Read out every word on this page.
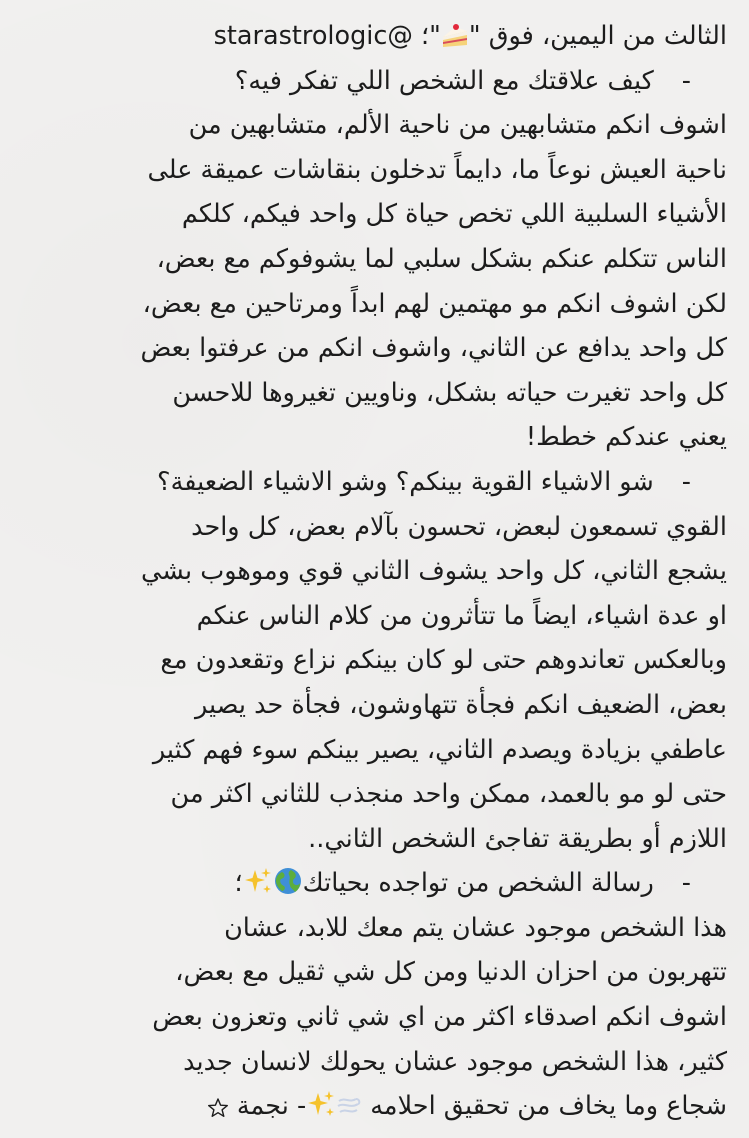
الثالث من اليمين، فوق "
"؛ @starastrologic
-كيف علاقتك مع الشخص اللي تفكر فيه؟
اشوف انكم متشابهين من ناحية الألم، متشابهين من
ناحية العيش نوعاً ما، دايماً تدخلون بنقاشات عميقة على
الأشياء السلبية اللي تخص حياة كل واحد فيكم، كلكم
الناس تتكلم عنكم بشكل سلبي لما يشوفوكم مع بعض،
لكن اشوف انكم مو مهتمين لهم ابداً ومرتاحين مع بعض،
كل واحد يدافع عن الثاني، واشوف انكم من عرفتوا بعض
كل واحد تغيرت حياته بشكل، وناويين تغيروها للاحسن
يعني عندكم خطط!
-شو الاشياء القوية بينكم؟ وشو الاشياء الضعيفة؟
القوي تسمعون لبعض، تحسون بآلام بعض، كل واحد
يشجع الثاني، كل واحد يشوف الثاني قوي وموهوب بشي
او عدة اشياء، ايضاً ما تتأثرون من كلام الناس عنكم
وبالعكس تعاندوهم حتى لو كان بينكم نزاع وتقعدون مع
بعض، الضعيف انكم فجأة تتهاوشون، فجأة حد يصير
عاطفي بزيادة ويصدم الثاني، يصير بينكم سوء فهم كثير
حتى لو مو بالعمد، ممكن واحد منجذب للثاني اكثر من
اللازم أو بطريقة تفاجئ الشخص الثاني..
-رسالة الشخص من تواجده بحياتك
؛
هذا الشخص موجود عشان يتم معك للابد، عشان
تتهربون من احزان الدنيا ومن كل شي ثقيل مع بعض،
اشوف انكم اصدقاء اكثر من اي شي ثاني وتعزون بعض
كثير، هذا الشخص موجود عشان يحولك لانسان جديد
شجاع وما يخاف من تحقيق احلامه
- نجمة
